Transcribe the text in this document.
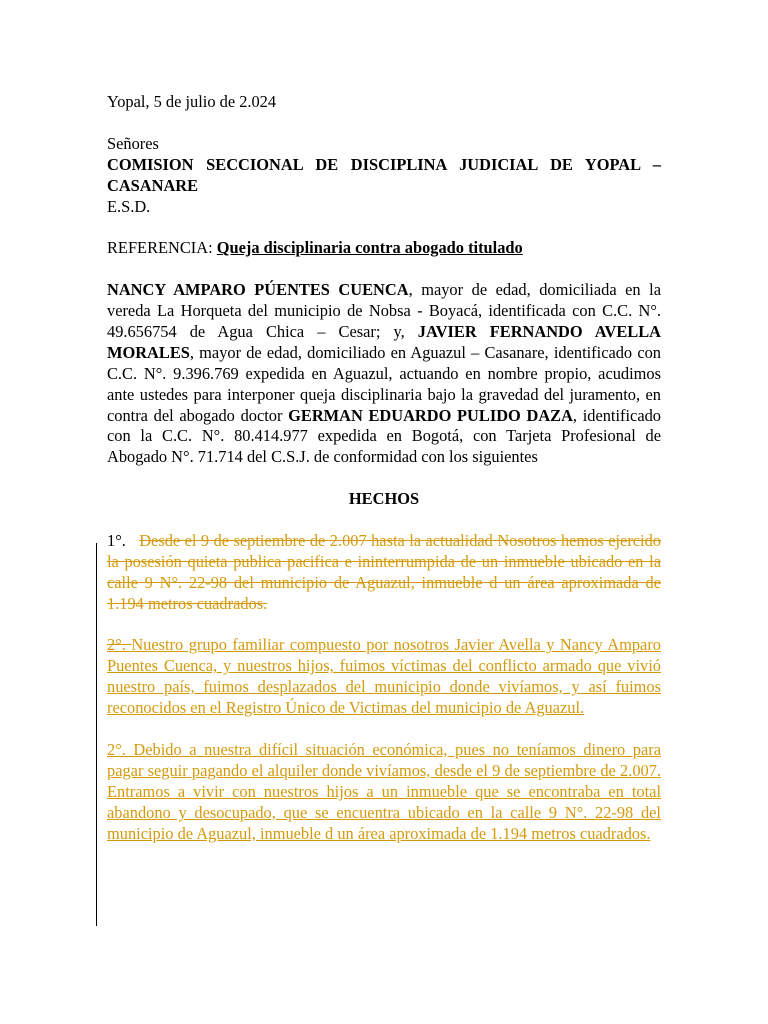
Yopal, 5 de julio de 2.024

Señores

COMISION SECCIONAL DE DISCIPLINA JUDICIAL DE YOPAL – CASANARE

E.S.D.

REFERENCIA: Queja disciplinaria contra abogado titulado

NANCY AMPARO PÚENTES CUENCA, mayor de edad, domiciliada en la vereda La Horqueta del municipio de Nobsa - Boyacá, identificada con C.C. N°. 49.656754 de Agua Chica – Cesar; y, JAVIER FERNANDO AVELLA MORALES, mayor de edad, domiciliado en Aguazul – Casanare, identificado con C.C. N°. 9.396.769 expedida en Aguazul, actuando en nombre propio, acudimos ante ustedes para interponer queja disciplinaria bajo la gravedad del juramento, en contra del abogado doctor GERMAN EDUARDO PULIDO DAZA, identificado con la C.C. N°. 80.414.977 expedida en Bogotá, con Tarjeta Profesional de Abogado N°. 71.714 del C.S.J. de conformidad con los siguientes

HECHOS

1°.   Desde el 9 de septiembre de 2.007 hasta la actualidad Nosotros hemos ejercido la posesión quieta publica pacifica e ininterrumpida de un inmueble ubicado en la calle 9 N°. 22-98 del municipio de Aguazul, inmueble d un área aproximada de 1.194 metros cuadrados.

2°. Nuestro grupo familiar compuesto por nosotros Javier Avella y Nancy Amparo Puentes Cuenca, y nuestros hijos, fuimos víctimas del conflicto armado que vivió nuestro país, fuimos desplazados del municipio donde vivíamos, y así fuimos reconocidos en el Registro Único de Victimas del municipio de Aguazul.

2°. Debido a nuestra difícil situación económica, pues no teníamos dinero para pagar seguir pagando el alquiler donde vivíamos, desde el 9 de septiembre de 2.007. Entramos a vivir con nuestros hijos a un inmueble que se encontraba en total abandono y desocupado, que se encuentra ubicado en la calle 9 N°. 22-98 del municipio de Aguazul, inmueble d un área aproximada de 1.194 metros cuadrados.
